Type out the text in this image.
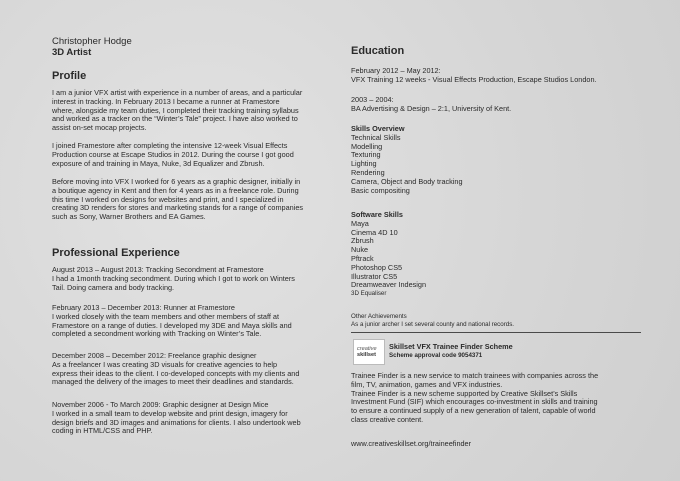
Christopher Hodge
3D Artist
Profile

I am a junior VFX artist with experience in a number of areas, and a particular

interest in tracking. In February 2013 I became a runner at Framestore

where, alongside my team duties, I completed their tracking training syllabus

and worked as a tracker on the “Winter’s Tale” project. I have also worked to

assist on-set mocap projects.

I joined Framestore after completing the intensive 12-week Visual Effects

Production course at Escape Studios in 2012. During the course I got good

exposure of and training in Maya, Nuke, 3d Equalizer and Zbrush.

Before moving into VFX I worked for 6 years as a graphic designer, initially in

a boutique agency in Kent and then for 4 years as in a freelance role. During

this time I worked on designs for websites and print, and I specialized in

creating 3D renders for stores and marketing stands for a range of companies

such as Sony, Warner Brothers and EA Games.

Professional Experience

August 2013 – August 2013: Tracking Secondment at Framestore

I had a 1month tracking secondment. During which I got to work on Winters

Tail. Doing camera and body tracking.

February 2013 – December 2013: Runner at Framestore

I worked closely with the team members and other members of staff at

Framestore on a range of duties. I developed my 3DE and Maya skills and

completed a secondment working with Tracking on Winter’s Tale.

December 2008 – December 2012: Freelance graphic designer

As a freelancer I was creating 3D visuals for creative agencies to help

express their ideas to the client. I co-developed concepts with my clients and

managed the delivery of the images to meet their deadlines and standards.

November 2006 - To March 2009: Graphic designer at Design Mice

I worked in a small team to develop website and print design, imagery for

design briefs and 3D images and animations for clients. I also undertook web

coding in HTML/CSS and PHP.

Education

February 2012 – May 2012:

VFX Training 12 weeks - Visual Effects Production, Escape Studios London.

2003 – 2004:

BA Advertising & Design – 2:1, University of Kent.

Skills Overview

Technical Skills
Modelling
Texturing
Lighting
Rendering
Camera, Object and Body tracking
Basic compositing

Software Skills

Maya
Cinema 4D 10
Zbrush
Nuke
Pftrack
Photoshop CS5
Illustrator CS5
Dreamweaver Indesign

3D Equaliser

Other Achievements

As a junior archer I set several county and national records.

creative
skillset

Skillset VFX Trainee Finder Scheme

Scheme approval code 9054371

Trainee Finder is a new service to match trainees with companies across the

film, TV, animation, games and VFX industries.

Trainee Finder is a new scheme supported by Creative Skillset’s Skills

Investment Fund (SIF) which encourages co-investment in skills and training

to ensure a continued supply of a new generation of talent, capable of world

class creative content.

www.creativeskillset.org/traineefinder
